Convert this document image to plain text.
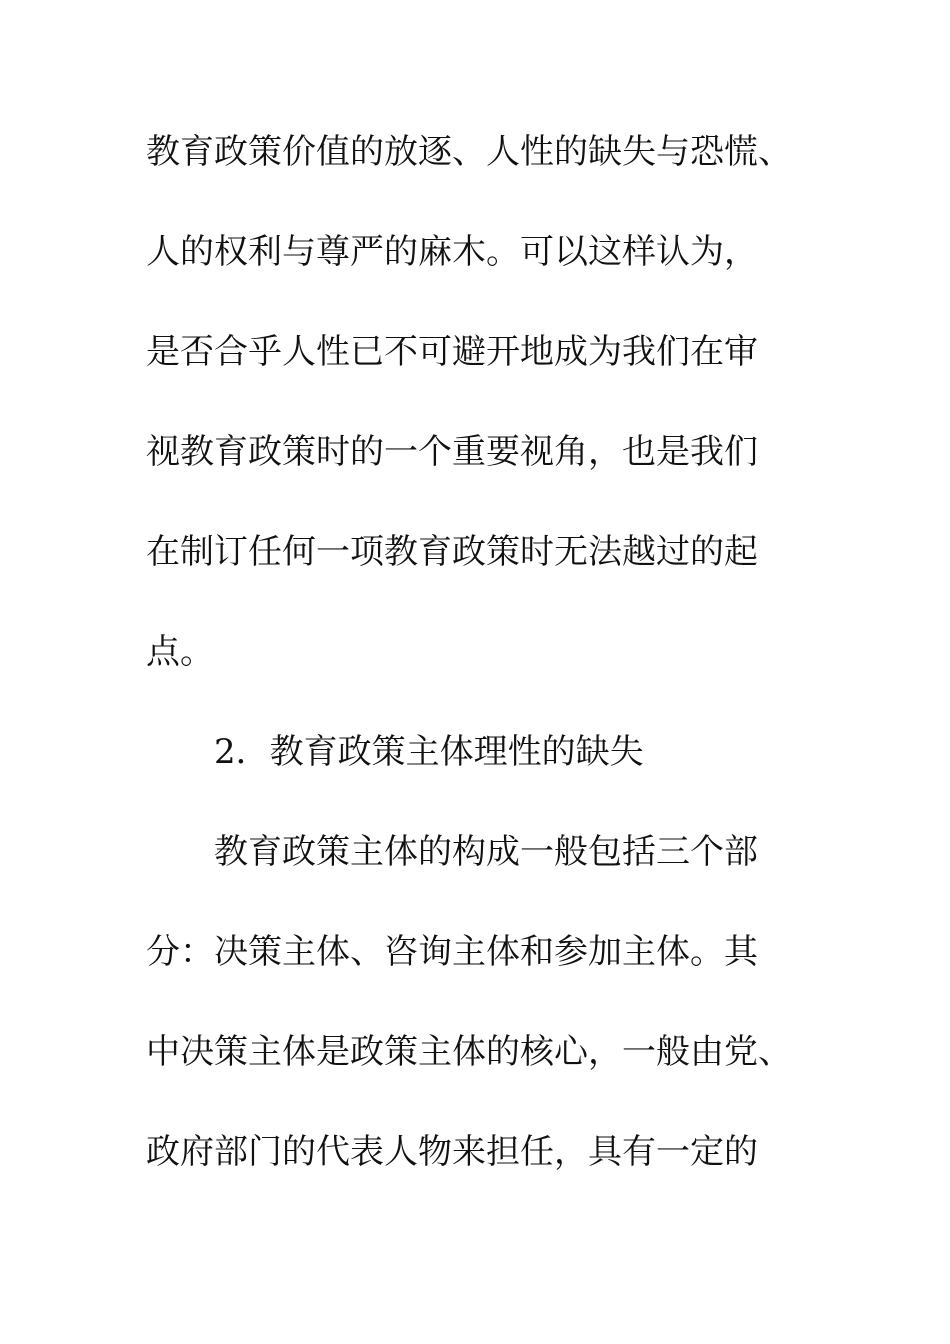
教育政策价值的放逐、人性的缺失与恐慌、
人的权利与尊严的麻木。可以这样认为，
是否合乎人性已不可避开地成为我们在审
视教育政策时的一个重要视角，也是我们
在制订任何一项教育政策时无法越过的起
点。
2．教育政策主体理性的缺失
教育政策主体的构成一般包括三个部
分：决策主体、咨询主体和参加主体。其
中决策主体是政策主体的核心，一般由党、
政府部门的代表人物来担任，具有一定的
